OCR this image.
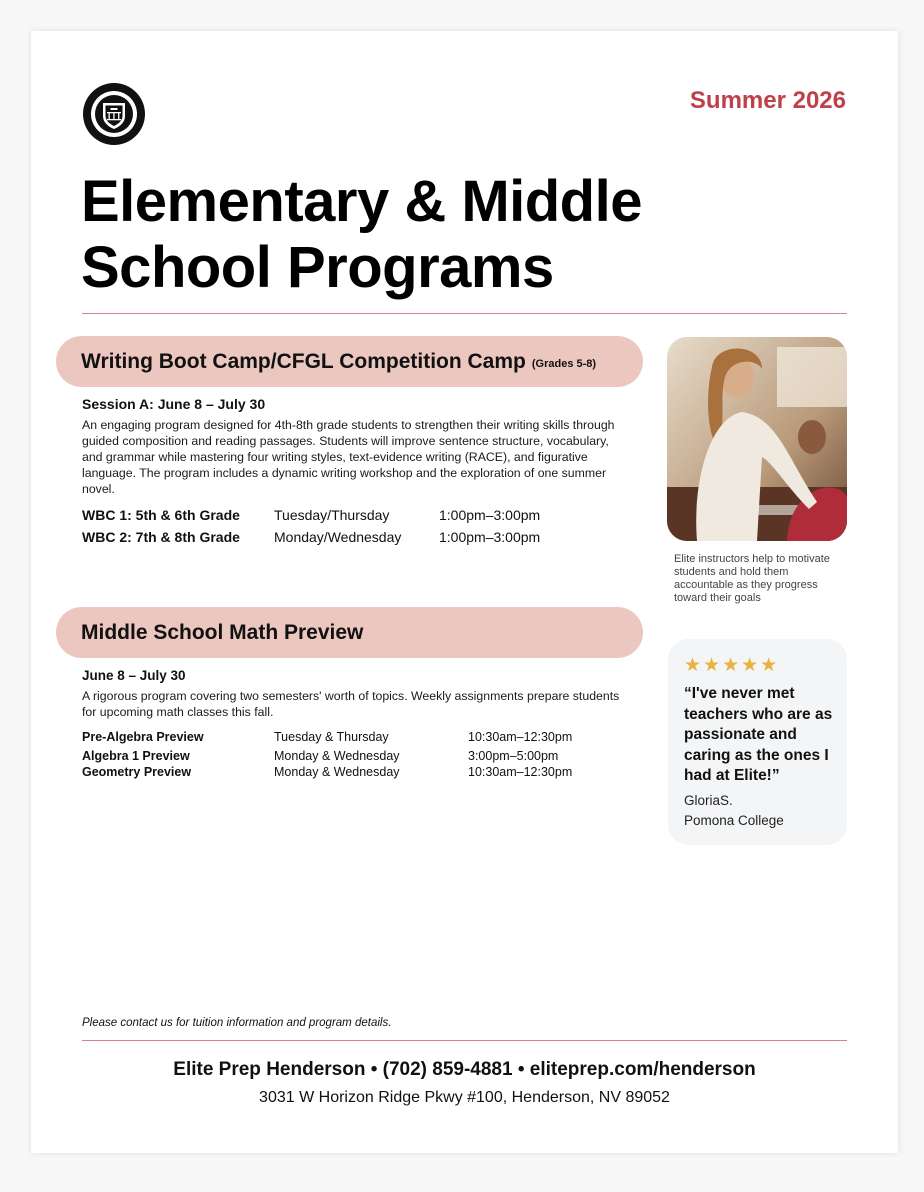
Summer 2026
Elementary & Middle
School Programs
Writing Boot Camp/CFGL Competition Camp (Grades 5-8)
Session A: June 8 – July 30
An engaging program designed for 4th-8th grade students to strengthen their writing skills through guided composition and reading passages. Students will improve sentence structure, vocabulary, and grammar while mastering four writing styles, text-evidence writing (RACE), and figurative language. The program includes a dynamic writing workshop and the exploration of one summer novel.
WBC 1: 5th & 6th Grade Tuesday/Thursday	1:00pm–3:00pm
WBC 2: 7th & 8th Grade Monday/Wednesday	1:00pm–3:00pm
Middle School Math Preview
June 8 – July 30
A rigorous program covering two semesters' worth of topics. Weekly assignments prepare students for upcoming math classes this fall.
Pre-Algebra Preview	Tuesday & Thursday	10:30am–12:30pm
Algebra 1 Preview	Monday & Wednesday	3:00pm–5:00pm
Geometry Preview	Monday & Wednesday	10:30am–12:30pm
Elite instructors help to motivate students and hold them accountable as they progress toward their goals
★★★★★
“I've never met teachers who are as passionate and caring as the ones I had at Elite!”
GloriaS.
Pomona College
Please contact us for tuition information and program details.
Elite Prep Henderson • (702) 859-4881 • eliteprep.com/henderson
3031 W Horizon Ridge Pkwy #100, Henderson, NV 89052
